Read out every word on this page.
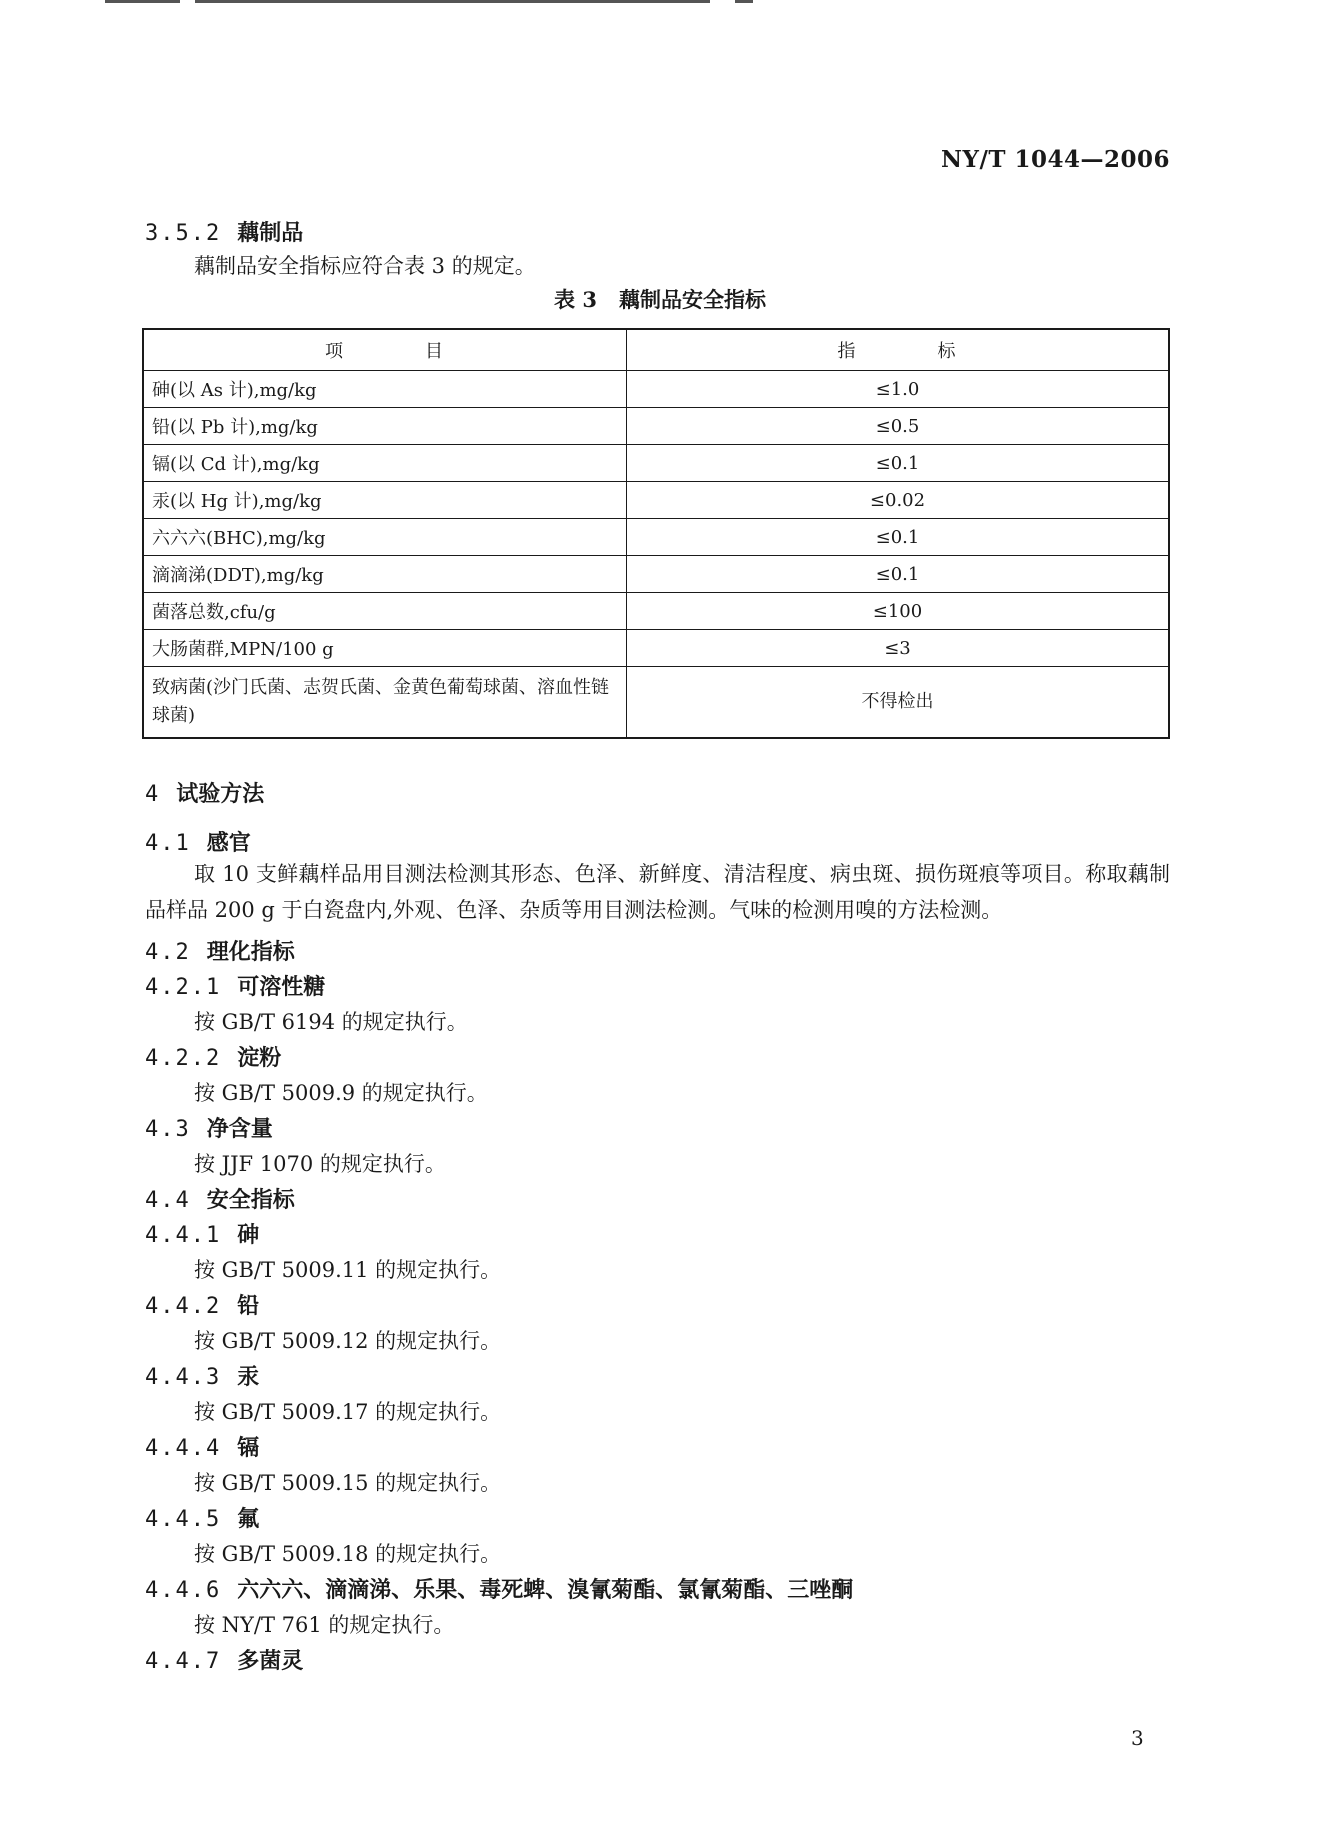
NY/T 1044—2006
3.5.2 藕制品
藕制品安全指标应符合表 3 的规定。
表 3 藕制品安全指标
项 目	指 标
砷(以 As 计),mg/kg	≤1.0
铅(以 Pb 计),mg/kg	≤0.5
镉(以 Cd 计),mg/kg	≤0.1
汞(以 Hg 计),mg/kg	≤0.02
六六六(BHC),mg/kg	≤0.1
滴滴涕(DDT),mg/kg	≤0.1
菌落总数,cfu/g	≤100
大肠菌群,MPN/100 g	≤3
致病菌(沙门氏菌、志贺氏菌、金黄色葡萄球菌、溶血性链球菌)	不得检出
4 试验方法
4.1 感官
取 10 支鲜藕样品用目测法检测其形态、色泽、新鲜度、清洁程度、病虫斑、损伤斑痕等项目。称取藕制品样品 200 g 于白瓷盘内,外观、色泽、杂质等用目测法检测。气味的检测用嗅的方法检测。
4.2 理化指标
4.2.1 可溶性糖
按 GB/T 6194 的规定执行。
4.2.2 淀粉
按 GB/T 5009.9 的规定执行。
4.3 净含量
按 JJF 1070 的规定执行。
4.4 安全指标
4.4.1 砷
按 GB/T 5009.11 的规定执行。
4.4.2 铅
按 GB/T 5009.12 的规定执行。
4.4.3 汞
按 GB/T 5009.17 的规定执行。
4.4.4 镉
按 GB/T 5009.15 的规定执行。
4.4.5 氟
按 GB/T 5009.18 的规定执行。
4.4.6 六六六、滴滴涕、乐果、毒死蜱、溴氰菊酯、氯氰菊酯、三唑酮
按 NY/T 761 的规定执行。
4.4.7 多菌灵
3
